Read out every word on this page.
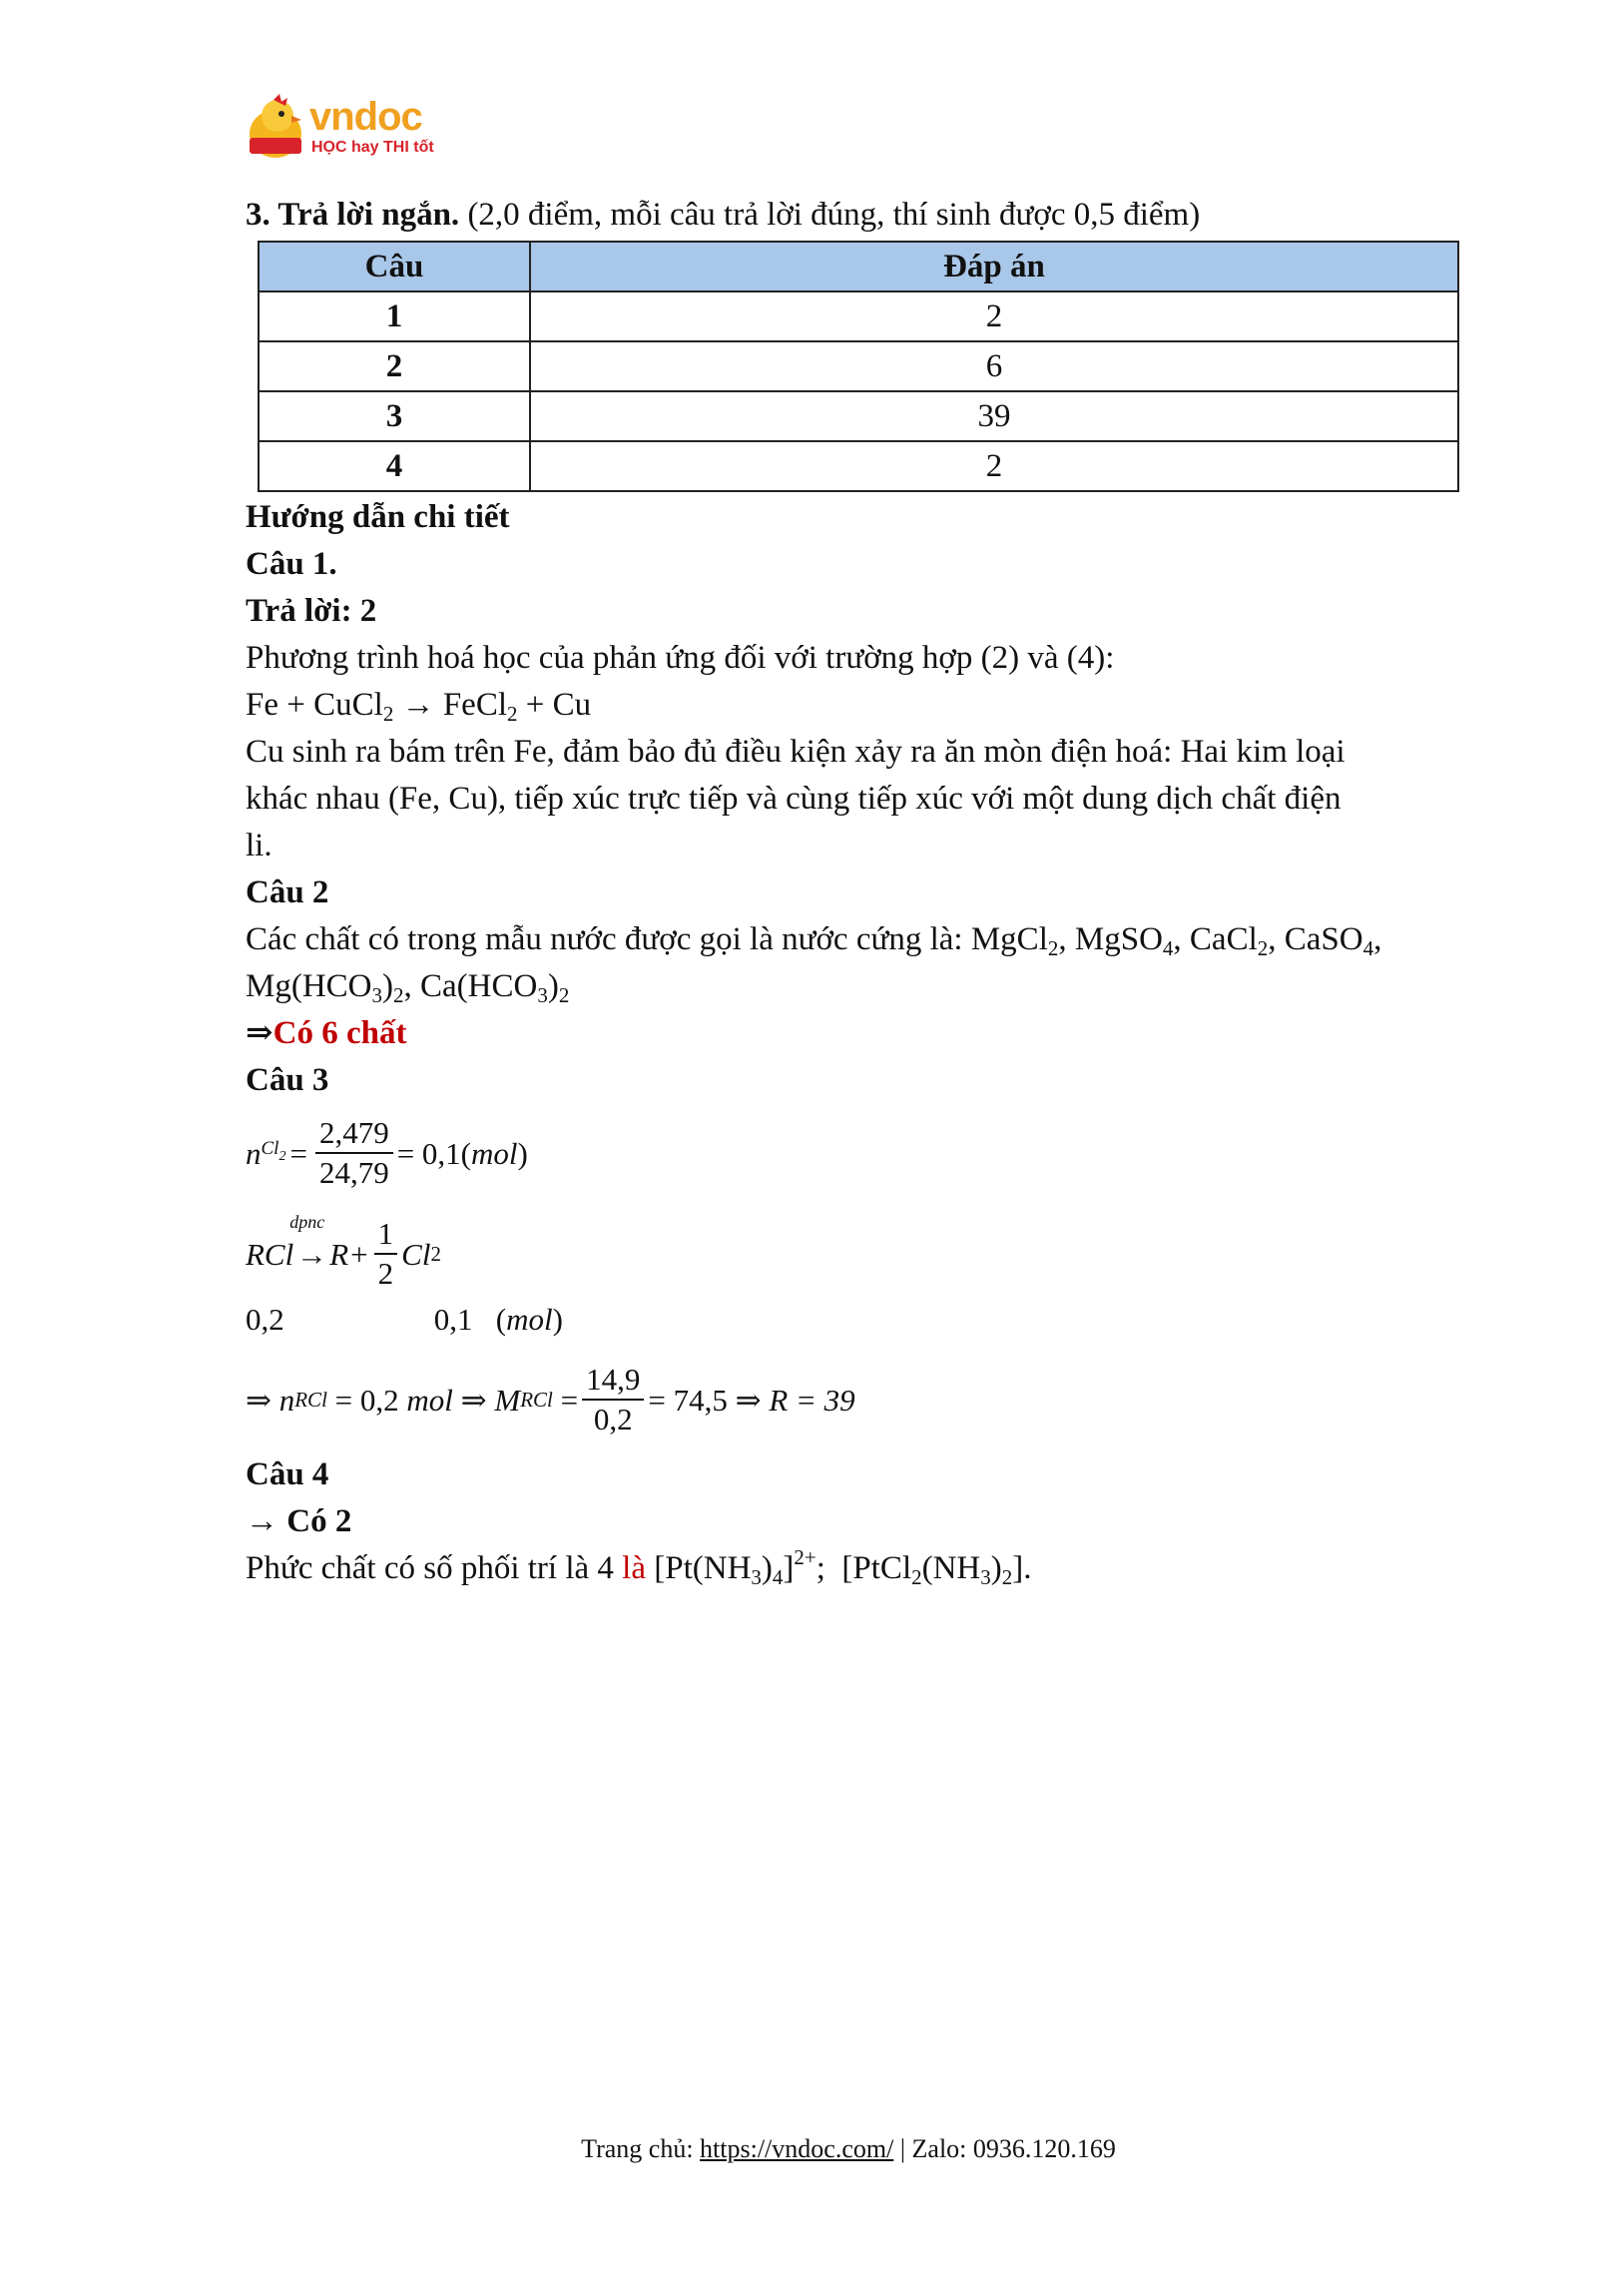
vndoc
HỌC hay THI tốt
3. Trả lời ngắn. (2,0 điểm, mỗi câu trả lời đúng, thí sinh được 0,5 điểm)
Câu	Đáp án
1	2
2	6
3	39
4	2
Hướng dẫn chi tiết
Câu 1.
Trả lời: 2
Phương trình hoá học của phản ứng đối với trường hợp (2) và (4):
Fe + CuCl$_2$ → FeCl$_2$ + Cu
Cu sinh ra bám trên Fe, đảm bảo đủ điều kiện xảy ra ăn mòn điện hoá: Hai kim loại
khác nhau (Fe, Cu), tiếp xúc trực tiếp và cùng tiếp xúc với một dung dịch chất điện
li.
Câu 2
Các chất có trong mẫu nước được gọi là nước cứng là: MgCl$_2$, MgSO$_4$, CaCl$_2$, CaSO$_4$,
$Mg(HCO_3)_2$, $Ca(HCO_3)_2$
⇒Có 6 chất
Câu 3
n $Cl_2 = \frac{2,479}{24,79} = 0,1$( mol )
RCl
dpnc
→ $R + \frac{1}{2}$ Cl 2
0,2	0,1   (mol)
⇒ n RCl = 0,2 mol ⇒ M RCl = $\frac{14,9}{0,2} = 74,5$ ⇒ R = 39
Câu 4
→ Có 2
Phức chất có số phối trí là 4 là $[Pt(NH_3)_4]^{2+}$;  $[PtCl_2(NH_3)_2]$.
Trang chủ: https://vndoc.com/ | Zalo: 0936.120.169
